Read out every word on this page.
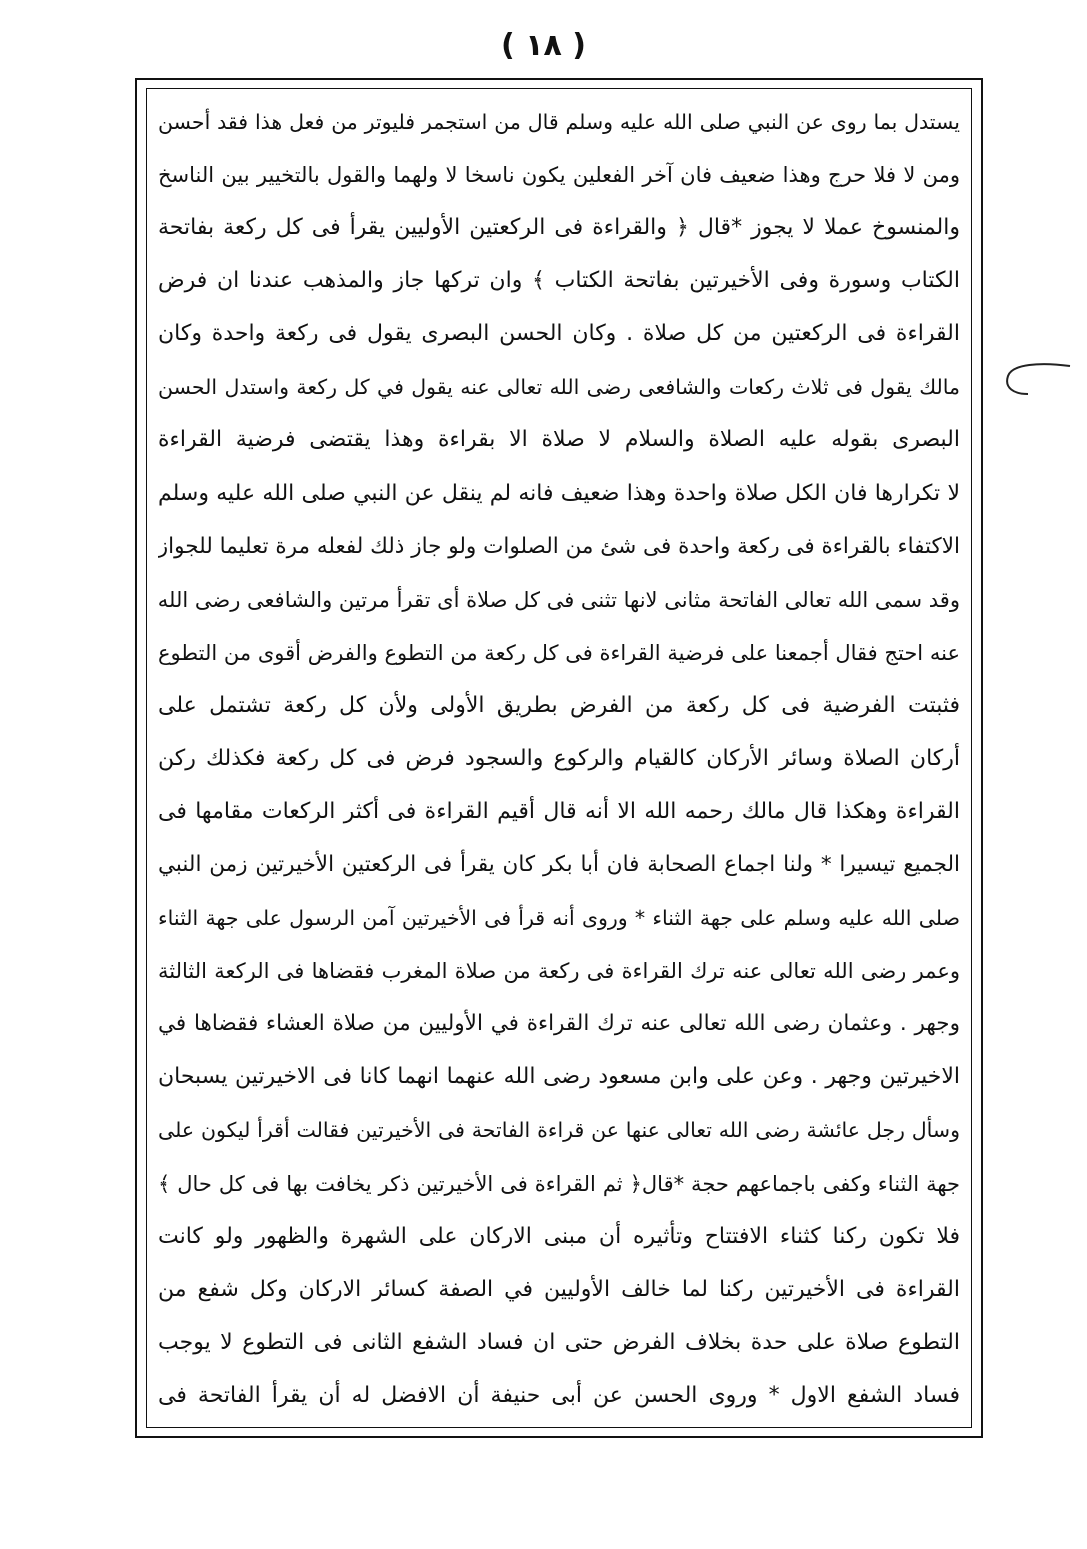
( ١٨ )
يستدل بما روى عن النبي صلى الله عليه وسلم قال من استجمر فليوتر من فعل هذا فقد أحسن
ومن لا فلا حرج وهذا ضعيف فان آخر الفعلين يكون ناسخا لا ولهما والقول بالتخيير بين الناسخ
والمنسوخ عملا لا يجوز *قال ﴿ والقراءة فى الركعتين الأوليين يقرأ فى كل ركعة بفاتحة
الكتاب وسورة وفى الأخيرتين بفاتحة الكتاب ﴾ وان تركها جاز والمذهب عندنا ان فرض
القراءة فى الركعتين من كل صلاة . وكان الحسن البصرى يقول فى ركعة واحدة وكان
مالك يقول فى ثلاث ركعات والشافعى رضى الله تعالى عنه يقول في كل ركعة واستدل الحسن
البصرى بقوله عليه الصلاة والسلام لا صلاة الا بقراءة وهذا يقتضى فرضية القراءة
لا تكرارها فان الكل صلاة واحدة وهذا ضعيف فانه لم ينقل عن النبي صلى الله عليه وسلم
الاكتفاء بالقراءة فى ركعة واحدة فى شئ من الصلوات ولو جاز ذلك لفعله مرة تعليما للجواز
وقد سمى الله تعالى الفاتحة مثانى لانها تثنى فى كل صلاة أى تقرأ مرتين والشافعى رضى الله
عنه احتج فقال أجمعنا على فرضية القراءة فى كل ركعة من التطوع والفرض أقوى من التطوع
فثبتت الفرضية فى كل ركعة من الفرض بطريق الأولى ولأن كل ركعة تشتمل على
أركان الصلاة وسائر الأركان كالقيام والركوع والسجود فرض فى كل ركعة فكذلك ركن
القراءة وهكذا قال مالك رحمه الله الا أنه قال أقيم القراءة فى أكثر الركعات مقامها فى
الجميع تيسيرا * ولنا اجماع الصحابة فان أبا بكر كان يقرأ فى الركعتين الأخيرتين زمن النبي
صلى الله عليه وسلم على جهة الثناء * وروى أنه قرأ فى الأخيرتين آمن الرسول على جهة الثناء
وعمر رضى الله تعالى عنه ترك القراءة فى ركعة من صلاة المغرب فقضاها فى الركعة الثالثة
وجهر . وعثمان رضى الله تعالى عنه ترك القراءة في الأوليين من صلاة العشاء فقضاها في
الاخيرتين وجهر . وعن على وابن مسعود رضى الله عنهما انهما كانا فى الاخيرتين يسبحان
وسأل رجل عائشة رضى الله تعالى عنها عن قراءة الفاتحة فى الأخيرتين فقالت أقرأ ليكون على
جهة الثناء وكفى باجماعهم حجة *قال﴿ ثم القراءة فى الأخيرتين ذكر يخافت بها فى كل حال ﴾
فلا تكون ركنا كثناء الافتتاح وتأثيره أن مبنى الاركان على الشهرة والظهور ولو كانت
القراءة فى الأخيرتين ركنا لما خالف الأوليين في الصفة كسائر الاركان وكل شفع من
التطوع صلاة على حدة بخلاف الفرض حتى ان فساد الشفع الثانى فى التطوع لا يوجب
فساد الشفع الاول * وروى الحسن عن أبى حنيفة أن الافضل له أن يقرأ الفاتحة فى
